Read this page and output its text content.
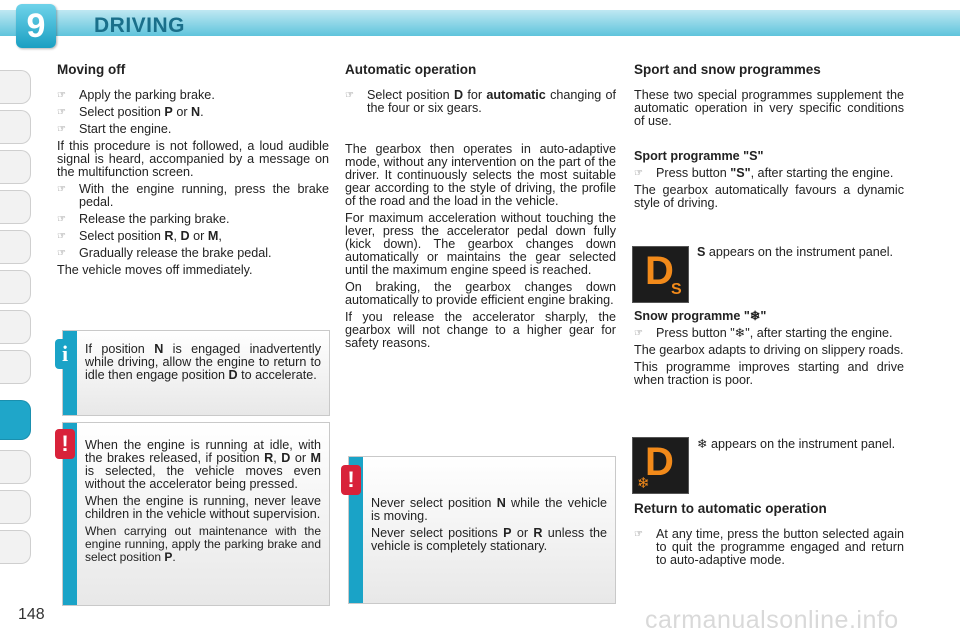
9	DRIVING
Moving off
☞ Apply the parking brake.
☞ Select position P or N.
☞ Start the engine.

If this procedure is not followed, a loud audible signal is heard, accompanied by a message on the multifunction screen.

☞ With the engine running, press the brake pedal.
☞ Release the parking brake.
☞ Select position R, D or M,
☞ Gradually release the brake pedal.

The vehicle moves off immediately.

i	If position N is engaged inadvertently while driving, allow the engine to return to idle then engage position D to accelerate.
!	When the engine is running at idle, with the brakes released, if position R, D or M is selected, the vehicle moves even without the accelerator being pressed.

When the engine is running, never leave children in the vehicle without supervision.

When carrying out maintenance with the engine running, apply the parking brake and select position P.

Automatic operation
☞ Select position D for automatic changing of the four or six gears.

The gearbox then operates in auto-adaptive mode, without any intervention on the part of the driver. It continuously selects the most suitable gear according to the style of driving, the profile of the road and the load in the vehicle.

For maximum acceleration without touching the lever, press the accelerator pedal down fully (kick down). The gearbox changes down automatically or maintains the gear selected until the maximum engine speed is reached.

On braking, the gearbox changes down automatically to provide efficient engine braking.

If you release the accelerator sharply, the gearbox will not change to a higher gear for safety reasons.

!

Never select position N while the vehicle is moving.

Never select positions P or R unless the vehicle is completely stationary.

Sport and snow programmes

These two special programmes supplement the automatic operation in very specific conditions of use.

Sport programme "S"

☞ Press button "S", after starting the engine.

The gearbox automatically favours a dynamic style of driving.

D
S
S appears on the instrument panel.

Snow programme "❄"

☞ Press button "❄", after starting the engine.

The gearbox adapts to driving on slippery roads.

This programme improves starting and drive when traction is poor.

D
❄
❄ appears on the instrument panel.
Return to automatic operation
☞ At any time, press the button selected again to quit the programme engaged and return to auto-adaptive mode.
148	carmanualsonline.info
